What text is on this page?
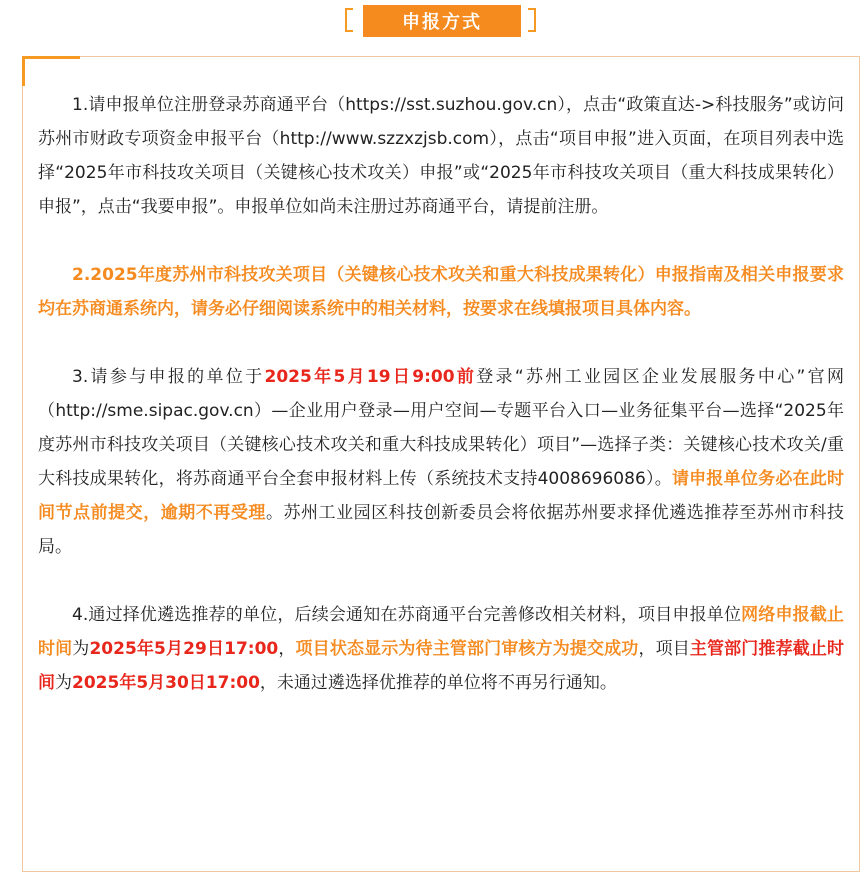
申报方式

1.请申报单位注册登录苏商通平台（https://sst.suzhou.gov.cn），点击“政策直达->科技服务”或访问苏州市财政专项资金申报平台（http://www.szzxzjsb.com），点击“项目申报”进入页面，在项目列表中选择“2025年市科技攻关项目（关键核心技术攻关）申报”或“2025年市科技攻关项目（重大科技成果转化）申报”，点击“我要申报”。申报单位如尚未注册过苏商通平台，请提前注册。

2.2025年度苏州市科技攻关项目（关键核心技术攻关和重大科技成果转化）申报指南及相关申报要求均在苏商通系统内，请务必仔细阅读系统中的相关材料，按要求在线填报项目具体内容。

3.请参与申报的单位于2025年5月19日9:00前登录“苏州工业园区企业发展服务中心”官网（http://sme.sipac.gov.cn）—企业用户登录—用户空间—专题平台入口—业务征集平台—选择“2025年度苏州市科技攻关项目（关键核心技术攻关和重大科技成果转化）项目”—选择子类：关键核心技术攻关/重大科技成果转化，将苏商通平台全套申报材料上传（系统技术支持4008696086）。请申报单位务必在此时间节点前提交，逾期不再受理。苏州工业园区科技创新委员会将依据苏州要求择优遴选推荐至苏州市科技局。

4.通过择优遴选推荐的单位，后续会通知在苏商通平台完善修改相关材料，项目申报单位网络申报截止时间为2025年5月29日17:00，项目状态显示为待主管部门审核方为提交成功，项目主管部门推荐截止时间为2025年5月30日17:00，未通过遴选择优推荐的单位将不再另行通知。
